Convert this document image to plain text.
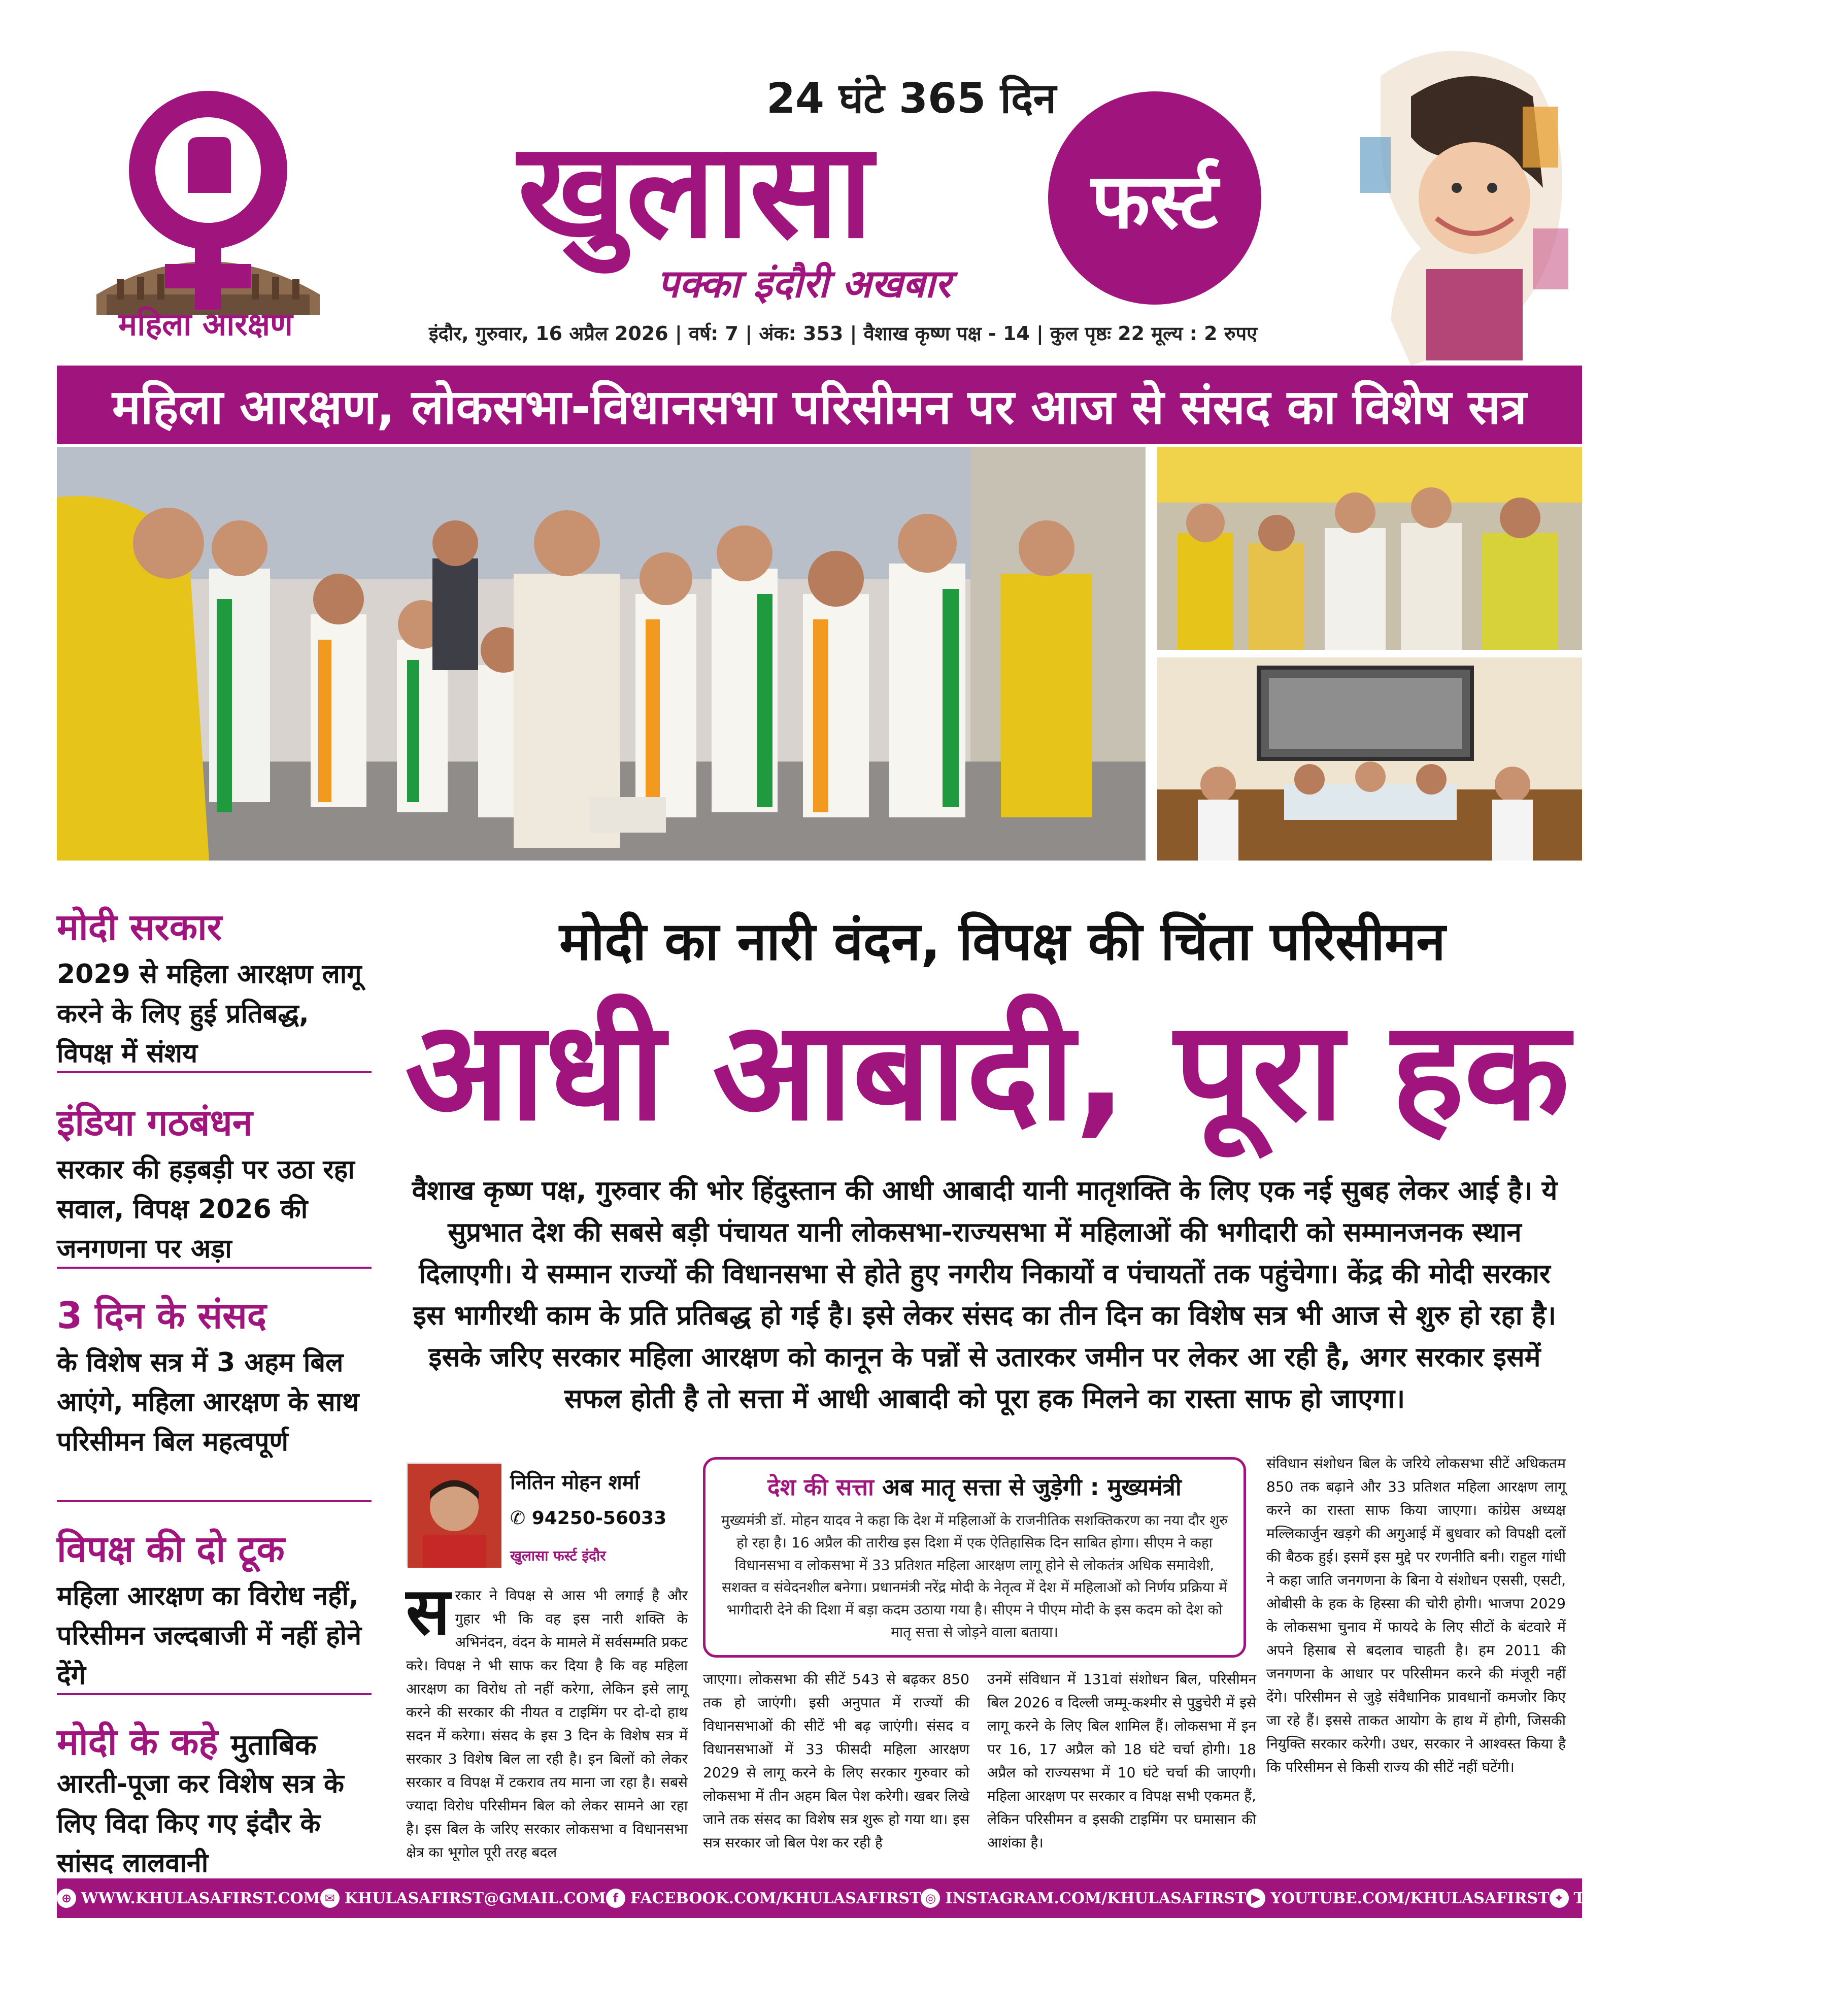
महिला आरक्षण
24 घंटे 365 दिन
खुलासा	फर्स्ट
पक्का इंदौरी अखबार
इंदौर, गुरुवार, 16 अप्रैल 2026 | वर्ष: 7 | अंक: 353 | वैशाख कृष्ण पक्ष - 14 | कुल पृष्ठः 22 मूल्य : 2 रुपए
महिला आरक्षण, लोकसभा-विधानसभा परिसीमन पर आज से संसद का विशेष सत्र
मोदी सरकार
2029 से महिला आरक्षण लागू करने के लिए हुई प्रतिबद्ध, विपक्ष में संशय
इंडिया गठबंधन
सरकार की हड़बड़ी पर उठा रहा सवाल, विपक्ष 2026 की जनगणना पर अड़ा
3 दिन के संसद
के विशेष सत्र में 3 अहम बिल आएंगे, महिला आरक्षण के साथ परिसीमन बिल महत्वपूर्ण
विपक्ष की दो टूक
महिला आरक्षण का विरोध नहीं, परिसीमन जल्दबाजी में नहीं होने देंगे
मोदी के कहे मुताबिक
आरती-पूजा कर विशेष सत्र के लिए विदा किए गए इंदौर के सांसद लालवानी
मोदी का नारी वंदन, विपक्ष की चिंता परिसीमन
आधी आबादी, पूरा हक
वैशाख कृष्ण पक्ष, गुरुवार की भोर हिंदुस्तान की आधी आबादी यानी मातृशक्ति के लिए एक नई सुबह लेकर आई है। ये सुप्रभात देश की सबसे बड़ी पंचायत यानी लोकसभा-राज्यसभा में महिलाओं की भगीदारी को सम्मानजनक स्थान दिलाएगी। ये सम्मान राज्यों की विधानसभा से होते हुए नगरीय निकायों व पंचायतों तक पहुंचेगा। केंद्र की मोदी सरकार इस भागीरथी काम के प्रति प्रतिबद्ध हो गई है। इसे लेकर संसद का तीन दिन का विशेष सत्र भी आज से शुरु हो रहा है। इसके जरिए सरकार महिला आरक्षण को कानून के पन्नों से उतारकर जमीन पर लेकर आ रही है, अगर सरकार इसमें सफल होती है तो सत्ता में आधी आबादी को पूरा हक मिलने का रास्ता साफ हो जाएगा।
नितिन मोहन शर्मा
✆ 94250-56033
खुलासा फर्स्ट इंदौर
देश की सत्ता अब मातृ सत्ता से जुड़ेगी : मुख्यमंत्री
मुख्यमंत्री डॉ. मोहन यादव ने कहा कि देश में महिलाओं के राजनीतिक सशक्तिकरण का नया दौर शुरु हो रहा है। 16 अप्रैल की तारीख इस दिशा में एक ऐतिहासिक दिन साबित होगा। सीएम ने कहा विधानसभा व लोकसभा में 33 प्रतिशत महिला आरक्षण लागू होने से लोकतंत्र अधिक समावेशी, सशक्त व संवेदनशील बनेगा। प्रधानमंत्री नरेंद्र मोदी के नेतृत्व में देश में महिलाओं को निर्णय प्रक्रिया में भागीदारी देने की दिशा में बड़ा कदम उठाया गया है। सीएम ने पीएम मोदी के इस कदम को देश को मातृ सत्ता से जोड़ने वाला बताया।
सरकार ने विपक्ष से आस भी लगाई है और गुहार भी कि वह इस नारी शक्ति के अभिनंदन, वंदन के मामले में सर्वसम्मति प्रकट करे। विपक्ष ने भी साफ कर दिया है कि वह महिला आरक्षण का विरोध तो नहीं करेगा, लेकिन इसे लागू करने की सरकार की नीयत व टाइमिंग पर दो-दो हाथ सदन में करेगा। संसद के इस 3 दिन के विशेष सत्र में सरकार 3 विशेष बिल ला रही है। इन बिलों को लेकर सरकार व विपक्ष में टकराव तय माना जा रहा है। सबसे ज्यादा विरोध परिसीमन बिल को लेकर सामने आ रहा है। इस बिल के जरिए सरकार लोकसभा व विधानसभा क्षेत्र का भूगोल पूरी तरह बदल
जाएगा। लोकसभा की सीटें 543 से बढ़कर 850 तक हो जाएंगी। इसी अनुपात में राज्यों की विधानसभाओं की सीटें भी बढ़ जाएंगी। संसद व विधानसभाओं में 33 फीसदी महिला आरक्षण 2029 से लागू करने के लिए सरकार गुरुवार को लोकसभा में तीन अहम बिल पेश करेगी। खबर लिखे जाने तक संसद का विशेष सत्र शुरू हो गया था। इस सत्र सरकार जो बिल पेश कर रही है
उनमें संविधान में 131वां संशोधन बिल, परिसीमन बिल 2026 व दिल्ली जम्मू-कश्मीर से पुडुचेरी में इसे लागू करने के लिए बिल शामिल हैं। लोकसभा में इन पर 16, 17 अप्रैल को 18 घंटे चर्चा होगी। 18 अप्रैल को राज्यसभा में 10 घंटे चर्चा की जाएगी। महिला आरक्षण पर सरकार व विपक्ष सभी एकमत हैं, लेकिन परिसीमन व इसकी टाइमिंग पर घमासान की आशंका है।
संविधान संशोधन बिल के जरिये लोकसभा सीटें अधिकतम 850 तक बढ़ाने और 33 प्रतिशत महिला आरक्षण लागू करने का रास्ता साफ किया जाएगा। कांग्रेस अध्यक्ष मल्लिकार्जुन खड़गे की अगुआई में बुधवार को विपक्षी दलों की बैठक हुई। इसमें इस मुद्दे पर रणनीति बनी। राहुल गांधी ने कहा जाति जनगणना के बिना ये संशोधन एससी, एसटी, ओबीसी के हक के हिस्सा की चोरी होगी। भाजपा 2029 के लोकसभा चुनाव में फायदे के लिए सीटों के बंटवारे में अपने हिसाब से बदलाव चाहती है। हम 2011 की जनगणना के आधार पर परिसीमन करने की मंजूरी नहीं देंगे। परिसीमन से जुड़े संवैधानिक प्रावधानों कमजोर किए जा रहे हैं। इससे ताकत आयोग के हाथ में होगी, जिसकी नियुक्ति सरकार करेगी। उधर, सरकार ने आश्वस्त किया है कि परिसीमन से किसी राज्य की सीटें नहीं घटेंगी।
⊕ WWW.KHULASAFIRST.COM ✉ KHULASAFIRST@GMAIL.COM f FACEBOOK.COM/KHULASAFIRST ◎ INSTAGRAM.COM/KHULASAFIRST ▶ YOUTUBE.COM/KHULASAFIRST ✦ TWITTER.COM/KHULASAFIRST
